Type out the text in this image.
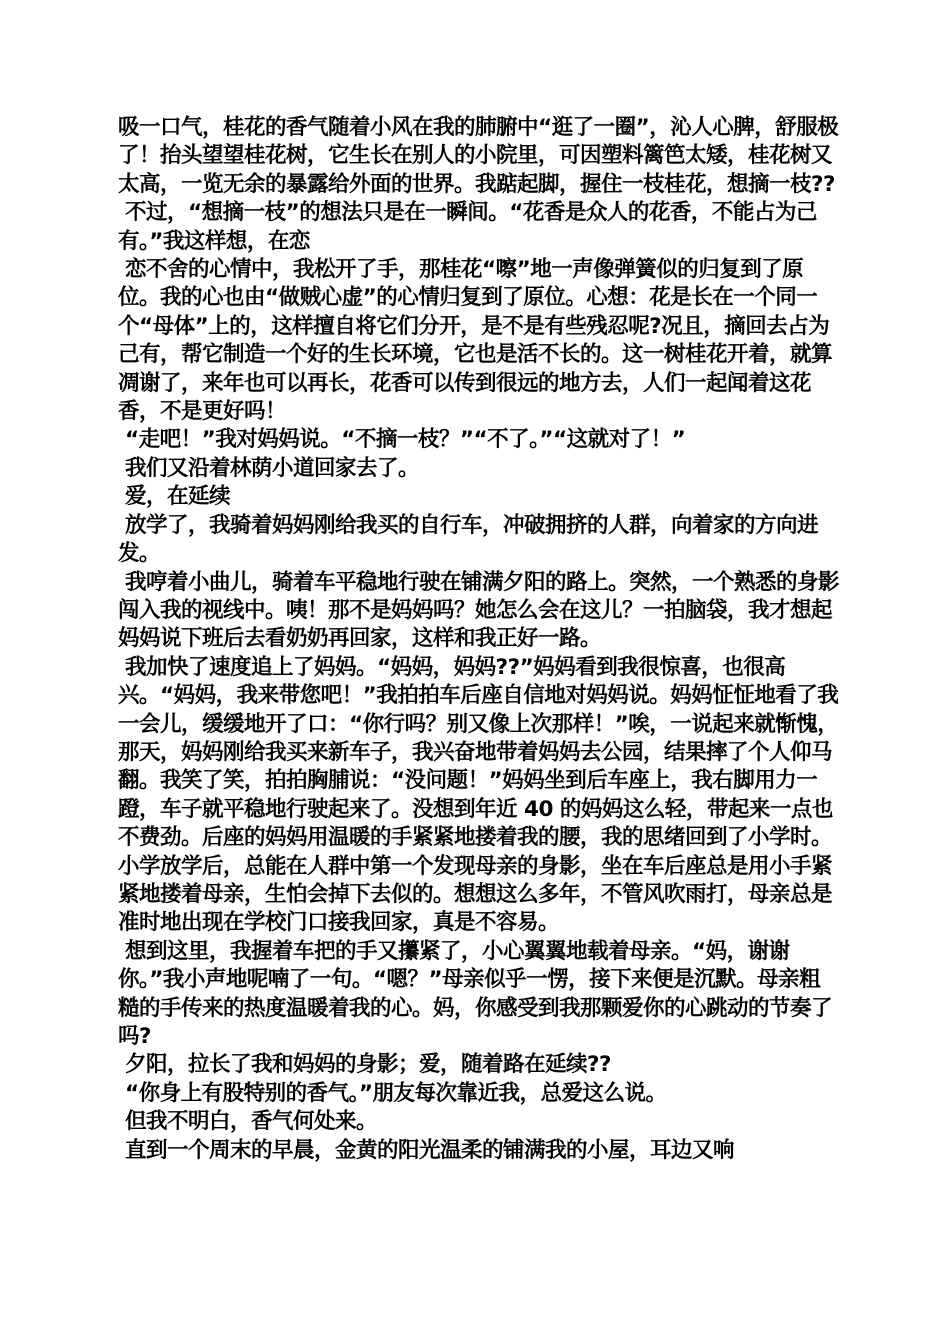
吸一口气，桂花的香气随着小风在我的肺腑中“逛了一圈”，沁人心脾，舒服极了！抬头望望桂花树，它生长在别人的小院里，可因塑料篱笆太矮，桂花树又太高，一览无余的暴露给外面的世界。我踮起脚，握住一枝桂花，想摘一枝??

不过，“想摘一枝”的想法只是在一瞬间。“花香是众人的花香，不能占为己有。”我这样想，在恋

恋不舍的心情中，我松开了手，那桂花“嚓”地一声像弹簧似的归复到了原位。我的心也由“做贼心虚”的心情归复到了原位。心想：花是长在一个同一个“母体”上的，这样擅自将它们分开，是不是有些残忍呢?况且，摘回去占为己有，帮它制造一个好的生长环境，它也是活不长的。这一树桂花开着，就算凋谢了，来年也可以再长，花香可以传到很远的地方去，人们一起闻着这花香，不是更好吗！

“走吧！”我对妈妈说。“不摘一枝？”“不了。”“这就对了！”

我们又沿着林荫小道回家去了。

爱，在延续

放学了，我骑着妈妈刚给我买的自行车，冲破拥挤的人群，向着家的方向进发。

我哼着小曲儿，骑着车平稳地行驶在铺满夕阳的路上。突然，一个熟悉的身影闯入我的视线中。咦！那不是妈妈吗？她怎么会在这儿？一拍脑袋，我才想起妈妈说下班后去看奶奶再回家，这样和我正好一路。

我加快了速度追上了妈妈。“妈妈，妈妈??”妈妈看到我很惊喜，也很高兴。“妈妈，我来带您吧！”我拍拍车后座自信地对妈妈说。妈妈怔怔地看了我一会儿，缓缓地开了口：“你行吗？别又像上次那样！”唉，一说起来就惭愧，那天，妈妈刚给我买来新车子，我兴奋地带着妈妈去公园，结果摔了个人仰马翻。我笑了笑，拍拍胸脯说：“没问题！”妈妈坐到后车座上，我右脚用力一蹬，车子就平稳地行驶起来了。没想到年近 40 的妈妈这么轻，带起来一点也不费劲。后座的妈妈用温暖的手紧紧地搂着我的腰，我的思绪回到了小学时。小学放学后，总能在人群中第一个发现母亲的身影，坐在车后座总是用小手紧紧地搂着母亲，生怕会掉下去似的。想想这么多年，不管风吹雨打，母亲总是准时地出现在学校门口接我回家，真是不容易。

想到这里，我握着车把的手又攥紧了，小心翼翼地载着母亲。“妈，谢谢你。”我小声地呢喃了一句。“嗯？”母亲似乎一愣，接下来便是沉默。母亲粗糙的手传来的热度温暖着我的心。妈，你感受到我那颗爱你的心跳动的节奏了吗?

夕阳，拉长了我和妈妈的身影；爱，随着路在延续??

“你身上有股特别的香气。”朋友每次靠近我，总爱这么说。

但我不明白，香气何处来。

直到一个周末的早晨，金黄的阳光温柔的铺满我的小屋，耳边又响
